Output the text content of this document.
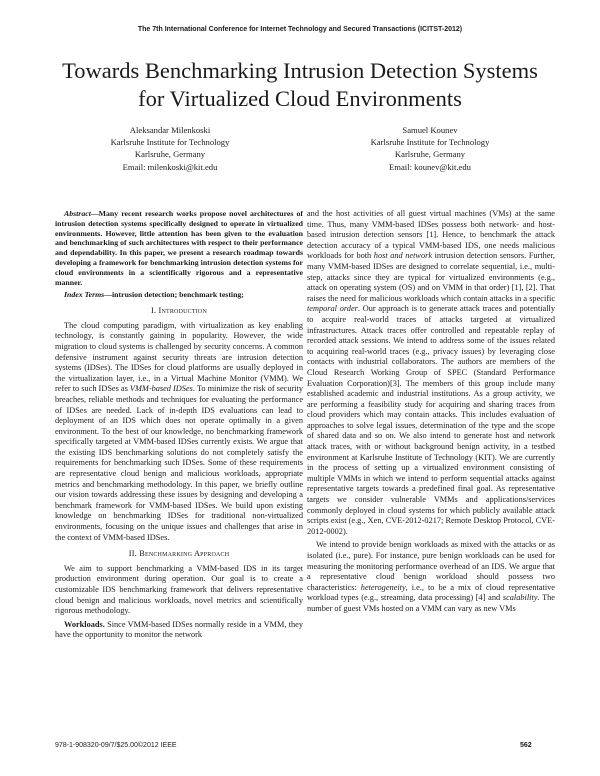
The 7th International Conference for Internet Technology and Secured Transactions (ICITST-2012)
Towards Benchmarking Intrusion Detection Systems
for Virtualized Cloud Environments
Aleksandar Milenkoski
Karlsruhe Institute for Technology
Karlsruhe, Germany
Email: milenkoski@kit.edu
Samuel Kounev
Karlsruhe Institute for Technology
Karlsruhe, Germany
Email: kounev@kit.edu

Abstract—Many recent research works propose novel architectures of intrusion detection systems specifically designed to operate in virtualized environments. However, little attention has been given to the evaluation and benchmarking of such architectures with respect to their performance and dependability. In this paper, we present a research roadmap towards developing a framework for benchmarking intrusion detection systems for cloud environments in a scientifically rigorous and a representative manner.

Index Terms—intrusion detection; benchmark testing;

I. Introduction

The cloud computing paradigm, with virtualization as key enabling technology, is constantly gaining in popularity. However, the wide migration to cloud systems is challenged by security concerns. A common defensive instrument against security threats are intrusion detection systems (IDSes). The IDSes for cloud platforms are usually deployed in the virtualization layer, i.e., in a Virtual Machine Monitor (VMM). We refer to such IDSes as VMM-based IDSes. To minimize the risk of security breaches, reliable methods and techniques for evaluating the performance of IDSes are needed. Lack of in-depth IDS evaluations can lead to deployment of an IDS which does not operate optimally in a given environment. To the best of our knowledge, no benchmarking framework specifically targeted at VMM-based IDSes currently exists. We argue that the existing IDS benchmarking solutions do not completely satisfy the requirements for benchmarking such IDSes. Some of these requirements are representative cloud benign and malicious workloads, appropriate metrics and benchmarking methodology. In this paper, we briefly outline our vision towards addressing these issues by designing and developing a benchmark framework for VMM-based IDSes. We build upon existing knowledge on benchmarking IDSes for traditional non-virtualized environments, focusing on the unique issues and challenges that arise in the context of VMM-based IDSes.

II. Benchmarking Approach

We aim to support benchmarking a VMM-based IDS in its target production environment during operation. Our goal is to create a customizable IDS benchmarking framework that delivers representative cloud benign and malicious workloads, novel metrics and scientifically rigorous methodology.

Workloads. Since VMM-based IDSes normally reside in a VMM, they have the opportunity to monitor the network

and the host activities of all guest virtual machines (VMs) at the same time. Thus, many VMM-based IDSes possess both network- and host-based intrusion detection sensors [1]. Hence, to benchmark the attack detection accuracy of a typical VMM-based IDS, one needs malicious workloads for both host and network intrusion detection sensors. Further, many VMM-based IDSes are designed to correlate sequential, i.e., multi-step, attacks since they are typical for virtualized environments (e.g., attack on operating system (OS) and on VMM in that order) [1], [2]. That raises the need for malicious workloads which contain attacks in a specific temporal order. Our approach is to generate attack traces and potentially to acquire real-world traces of attacks targeted at virtualized infrastructures. Attack traces offer controlled and repeatable replay of recorded attack sessions. We intend to address some of the issues related to acquiring real-world traces (e.g., privacy issues) by leveraging close contacts with industrial collaborators. The authors are members of the Cloud Research Working Group of SPEC (Standard Performance Evaluation Corporation)[3]. The members of this group include many established academic and industrial institutions. As a group activity, we are performing a feasibility study for acquiring and sharing traces from cloud providers which may contain attacks. This includes evaluation of approaches to solve legal issues, determination of the type and the scope of shared data and so on. We also intend to generate host and network attack traces, with or without background benign activity, in a testbed environment at Karlsruhe Institute of Technology (KIT). We are currently in the process of setting up a virtualized environment consisting of multiple VMMs in which we intend to perform sequential attacks against representative targets towards a predefined final goal. As representative targets we consider vulnerable VMMs and applications/services commonly deployed in cloud systems for which publicly available attack scripts exist (e.g., Xen, CVE-2012-0217; Remote Desktop Protocol, CVE-2012-0002).

We intend to provide benign workloads as mixed with the attacks or as isolated (i.e., pure). For instance, pure benign workloads can be used for measuring the monitoring performance overhead of an IDS. We argue that a representative cloud benign workload should possess two characteristics: heterogeneity, i.e., to be a mix of cloud representative workload types (e.g., streaming, data processing) [4] and scalability. The number of guest VMs hosted on a VMM can vary as new VMs

978-1-908320-09/7/$25.00©2012 IEEE	562
